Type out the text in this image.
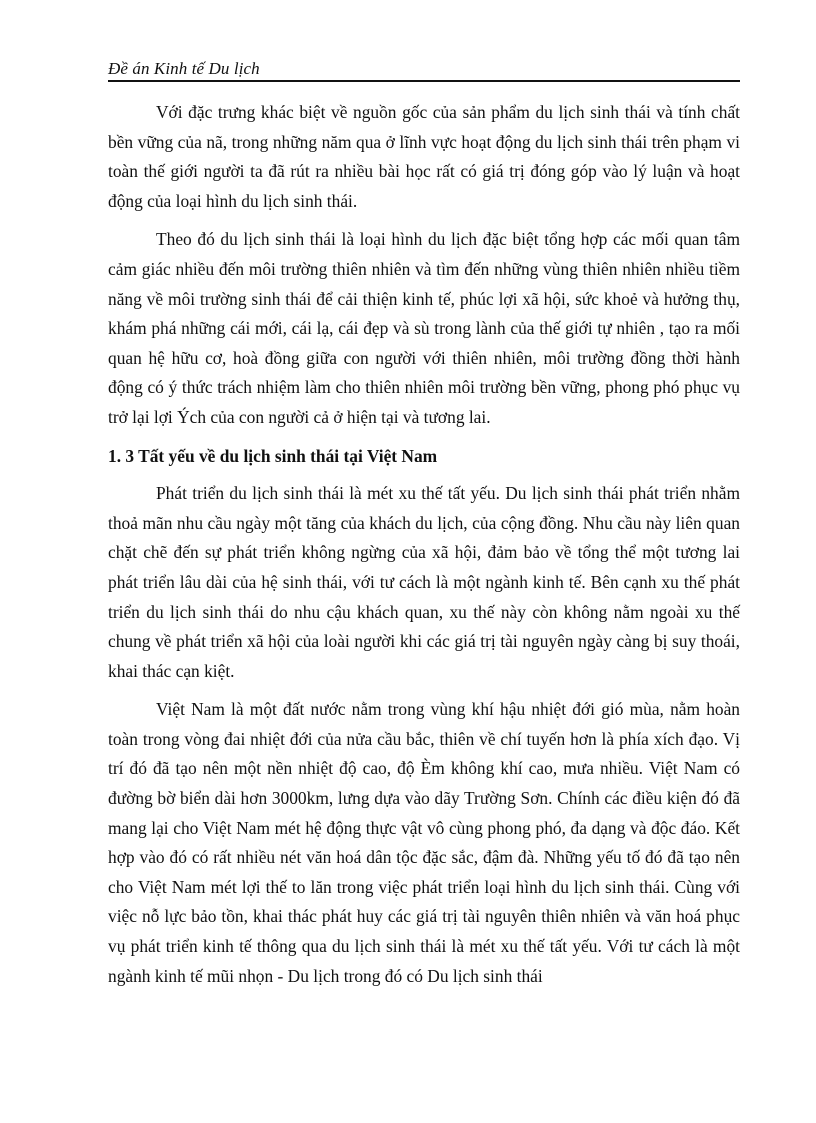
Đề án Kinh tế Du lịch

Với đặc trưng khác biệt về nguồn gốc của sản phẩm du lịch sinh thái và tính chất bền vững của nã, trong những năm qua ở lĩnh vực hoạt động du lịch sinh thái trên phạm vi toàn thế giới người ta đã rút ra nhiều bài học rất có giá trị đóng góp vào lý luận và hoạt động của loại hình du lịch sinh thái.

Theo đó du lịch sinh thái là loại hình du lịch đặc biệt tổng hợp các mối quan tâm cảm giác nhiều đến môi trường thiên nhiên và tìm đến những vùng thiên nhiên nhiều tiềm năng về môi trường sinh thái để cải thiện kinh tế, phúc lợi xã hội, sức khoẻ và hưởng thụ, khám phá những cái mới, cái lạ, cái đẹp và sù trong lành của thế giới tự nhiên , tạo ra mối quan hệ hữu cơ, hoà đồng giữa con người với thiên nhiên, môi trường đồng thời hành động có ý thức trách nhiệm làm cho thiên nhiên môi trường bền vững, phong phó phục vụ trở lại lợi Ých của con người cả ở hiện tại và tương lai.

1. 3 Tất yếu về du lịch sinh thái tại Việt Nam

Phát triển du lịch sinh thái là mét xu thế tất yếu. Du lịch sinh thái phát triển nhằm thoả mãn nhu cầu ngày một tăng của khách du lịch, của cộng đồng. Nhu cầu này liên quan chặt chẽ đến sự phát triển không ngừng của xã hội, đảm bảo về tổng thể một tương lai phát triển lâu dài của hệ sinh thái, với tư cách là một ngành kinh tế. Bên cạnh xu thế phát triển du lịch sinh thái do nhu cậu khách quan, xu thế này còn không nằm ngoài xu thế chung về phát triển xã hội của loài người khi các giá trị tài nguyên ngày càng bị suy thoái, khai thác cạn kiệt.

Việt Nam là một đất nước nằm trong vùng khí hậu nhiệt đới gió mùa, nằm hoàn toàn trong vòng đai nhiệt đới của nửa cầu bắc, thiên về chí tuyến hơn là phía xích đạo. Vị trí đó đã tạo nên một nền nhiệt độ cao, độ Èm không khí cao, mưa nhiều. Việt Nam có đường bờ biển dài hơn 3000km, lưng dựa vào dãy Trường Sơn. Chính các điều kiện đó đã mang lại cho Việt Nam mét hệ động thực vật vô cùng phong phó, đa dạng và độc đáo. Kết hợp vào đó có rất nhiều nét văn hoá dân tộc đặc sắc, đậm đà. Những yếu tố đó đã tạo nên cho Việt Nam mét lợi thế to lăn trong việc phát triển loại hình du lịch sinh thái. Cùng với việc nỗ lực bảo tồn, khai thác phát huy các giá trị tài nguyên thiên nhiên và văn hoá phục vụ phát triển kinh tế thông qua du lịch sinh thái là mét xu thế tất yếu. Với tư cách là một ngành kinh tế mũi nhọn - Du lịch trong đó có Du lịch sinh thái
